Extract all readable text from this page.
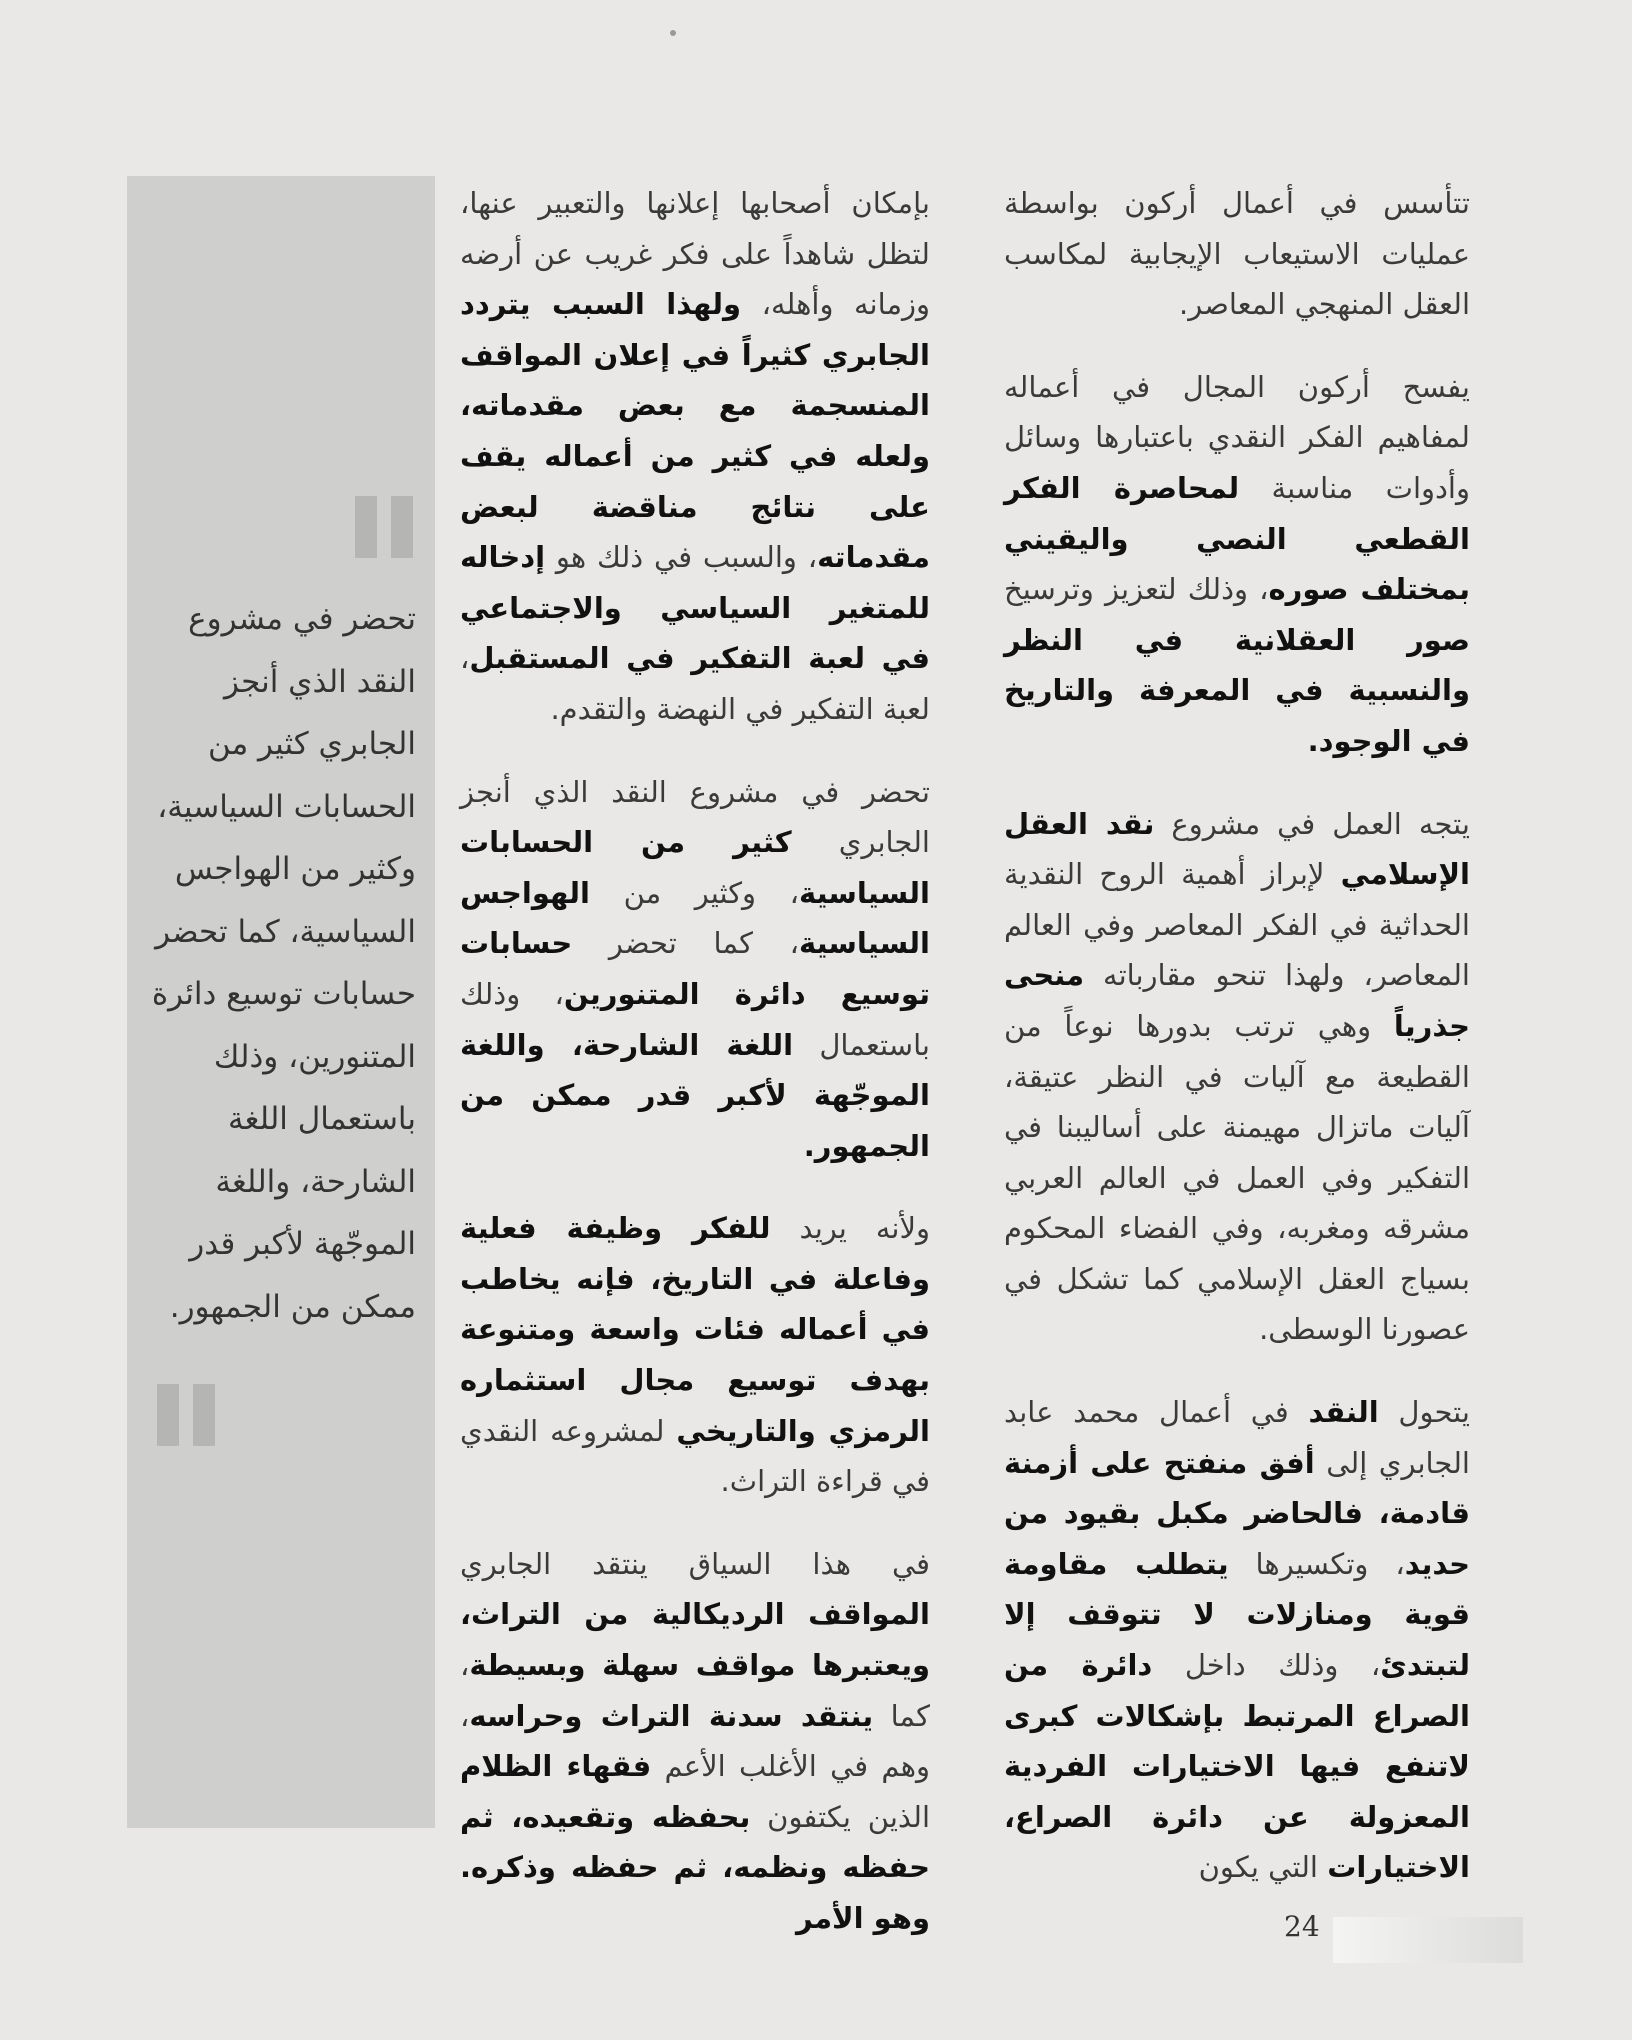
تتأسس في أعمال أركون بواسطة عمليات الاستيعاب الإيجابية لمكاسب العقل المنهجي المعاصر.

يفسح أركون المجال في أعماله لمفاهيم الفكر النقدي باعتبارها وسائل وأدوات مناسبة لمحاصرة الفكر القطعي النصي واليقيني بمختلف صوره، وذلك لتعزيز وترسيخ صور العقلانية في النظر والنسبية في المعرفة والتاريخ في الوجود.

يتجه العمل في مشروع نقد العقل الإسلامي لإبراز أهمية الروح النقدية الحداثية في الفكر المعاصر وفي العالم المعاصر، ولهذا تنحو مقارباته منحى جذرياً وهي ترتب بدورها نوعاً من القطيعة مع آليات في النظر عتيقة، آليات ماتزال مهيمنة على أساليبنا في التفكير وفي العمل في العالم العربي مشرقه ومغربه، وفي الفضاء المحكوم بسياج العقل الإسلامي كما تشكل في عصورنا الوسطى.

يتحول النقد في أعمال محمد عابد الجابري إلى أفق منفتح على أزمنة قادمة، فالحاضر مكبل بقيود من حديد، وتكسيرها يتطلب مقاومة قوية ومنازلات لا تتوقف إلا لتبتدئ، وذلك داخل دائرة من الصراع المرتبط بإشكالات كبرى لاتنفع فيها الاختيارات الفردية المعزولة عن دائرة الصراع، الاختيارات التي يكون

بإمكان أصحابها إعلانها والتعبير عنها، لتظل شاهداً على فكر غريب عن أرضه وزمانه وأهله، ولهذا السبب يتردد الجابري كثيراً في إعلان المواقف المنسجمة مع بعض مقدماته، ولعله في كثير من أعماله يقف على نتائج مناقضة لبعض مقدماته، والسبب في ذلك هو إدخاله للمتغير السياسي والاجتماعي في لعبة التفكير في المستقبل، لعبة التفكير في النهضة والتقدم.

تحضر في مشروع النقد الذي أنجز الجابري كثير من الحسابات السياسية، وكثير من الهواجس السياسية، كما تحضر حسابات توسيع دائرة المتنورين، وذلك باستعمال اللغة الشارحة، واللغة الموجّهة لأكبر قدر ممكن من الجمهور.

ولأنه يريد للفكر وظيفة فعلية وفاعلة في التاريخ، فإنه يخاطب في أعماله فئات واسعة ومتنوعة بهدف توسيع مجال استثماره الرمزي والتاريخي لمشروعه النقدي في قراءة التراث.

في هذا السياق ينتقد الجابري المواقف الرديكالية من التراث، ويعتبرها مواقف سهلة وبسيطة، كما ينتقد سدنة التراث وحراسه، وهم في الأغلب الأعم فقهاء الظلام الذين يكتفون بحفظه وتقعيده، ثم حفظه ونظمه، ثم حفظه وذكره. وهو الأمر

تحضر في مشروع النقد الذي أنجز الجابري كثير من الحسابات السياسية، وكثير من الهواجس السياسية، كما تحضر حسابات توسيع دائرة المتنورين، وذلك باستعمال اللغة الشارحة، واللغة الموجّهة لأكبر قدر ممكن من الجمهور.
24
